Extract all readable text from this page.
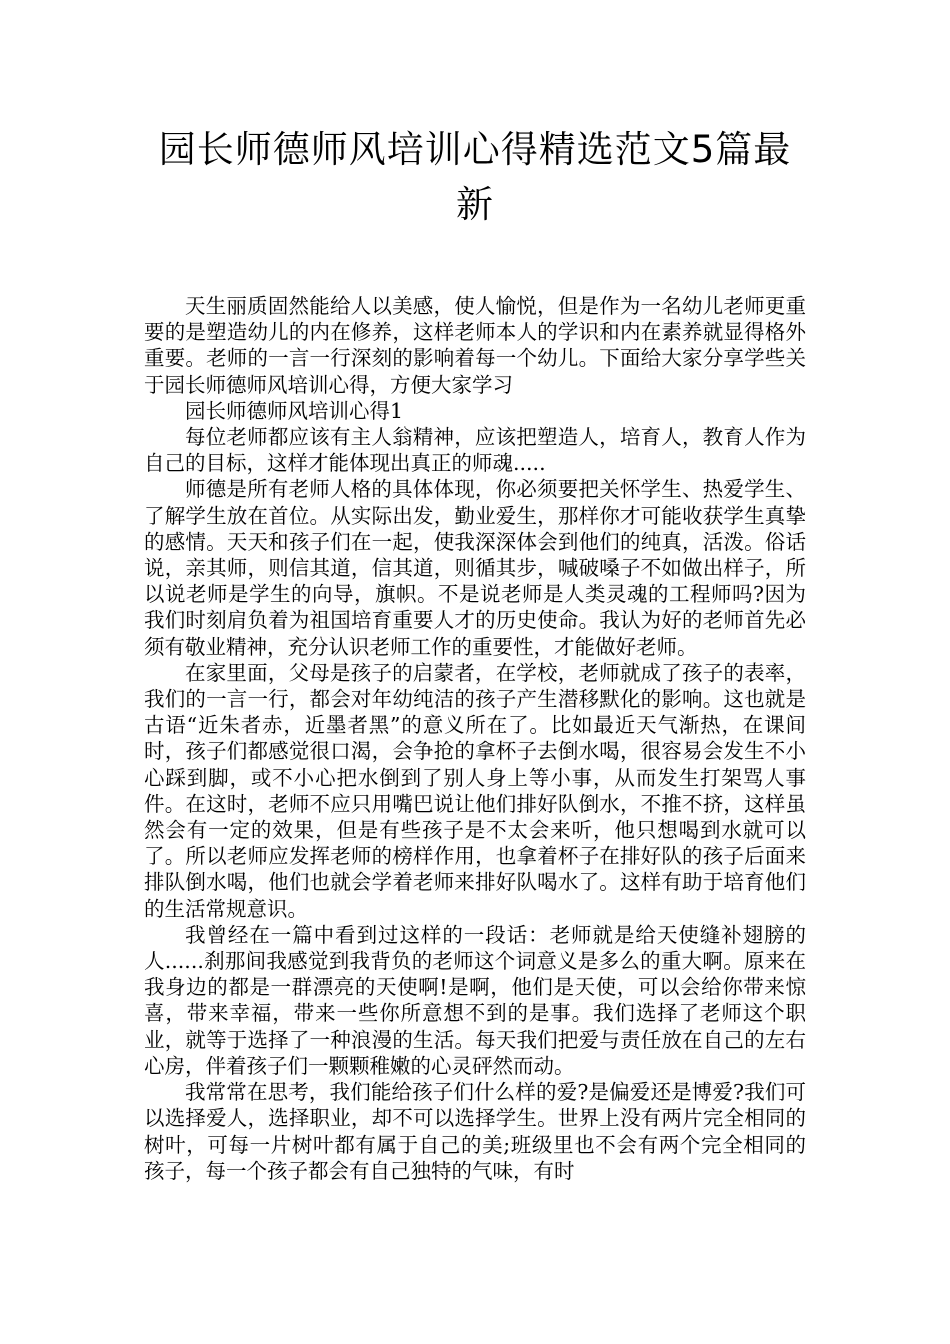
园长师德师风培训心得精选范文5篇最新

天生丽质固然能给人以美感，使人愉悦，但是作为一名幼儿老师更重要的是塑造幼儿的内在修养，这样老师本人的学识和内在素养就显得格外重要。老师的一言一行深刻的影响着每一个幼儿。下面给大家分享学些关于园长师德师风培训心得，方便大家学习

园长师德师风培训心得1

每位老师都应该有主人翁精神，应该把塑造人，培育人，教育人作为自己的目标，这样才能体现出真正的师魂.....

师德是所有老师人格的具体体现，你必须要把关怀学生、热爱学生、了解学生放在首位。从实际出发，勤业爱生，那样你才可能收获学生真挚的感情。天天和孩子们在一起，使我深深体会到他们的纯真，活泼。俗话说，亲其师，则信其道，信其道，则循其步，喊破嗓子不如做出样子，所以说老师是学生的向导，旗帜。不是说老师是人类灵魂的工程师吗?因为我们时刻肩负着为祖国培育重要人才的历史使命。我认为好的老师首先必须有敬业精神，充分认识老师工作的重要性，才能做好老师。

在家里面，父母是孩子的启蒙者，在学校，老师就成了孩子的表率，我们的一言一行，都会对年幼纯洁的孩子产生潜移默化的影响。这也就是古语“近朱者赤，近墨者黑”的意义所在了。比如最近天气渐热，在课间时，孩子们都感觉很口渴，会争抢的拿杯子去倒水喝，很容易会发生不小心踩到脚，或不小心把水倒到了别人身上等小事，从而发生打架骂人事件。在这时，老师不应只用嘴巴说让他们排好队倒水，不推不挤，这样虽然会有一定的效果，但是有些孩子是不太会来听，他只想喝到水就可以了。所以老师应发挥老师的榜样作用，也拿着杯子在排好队的孩子后面来排队倒水喝，他们也就会学着老师来排好队喝水了。这样有助于培育他们的生活常规意识。

我曾经在一篇中看到过这样的一段话：老师就是给天使缝补翅膀的人......刹那间我感觉到我背负的老师这个词意义是多么的重大啊。原来在我身边的都是一群漂亮的天使啊!是啊，他们是天使，可以会给你带来惊喜，带来幸福，带来一些你所意想不到的是事。我们选择了老师这个职业，就等于选择了一种浪漫的生活。每天我们把爱与责任放在自己的左右心房，伴着孩子们一颗颗稚嫩的心灵砰然而动。

我常常在思考，我们能给孩子们什么样的爱?是偏爱还是博爱?我们可以选择爱人，选择职业，却不可以选择学生。世界上没有两片完全相同的树叶，可每一片树叶都有属于自己的美;班级里也不会有两个完全相同的孩子，每一个孩子都会有自己独特的气味，有时
